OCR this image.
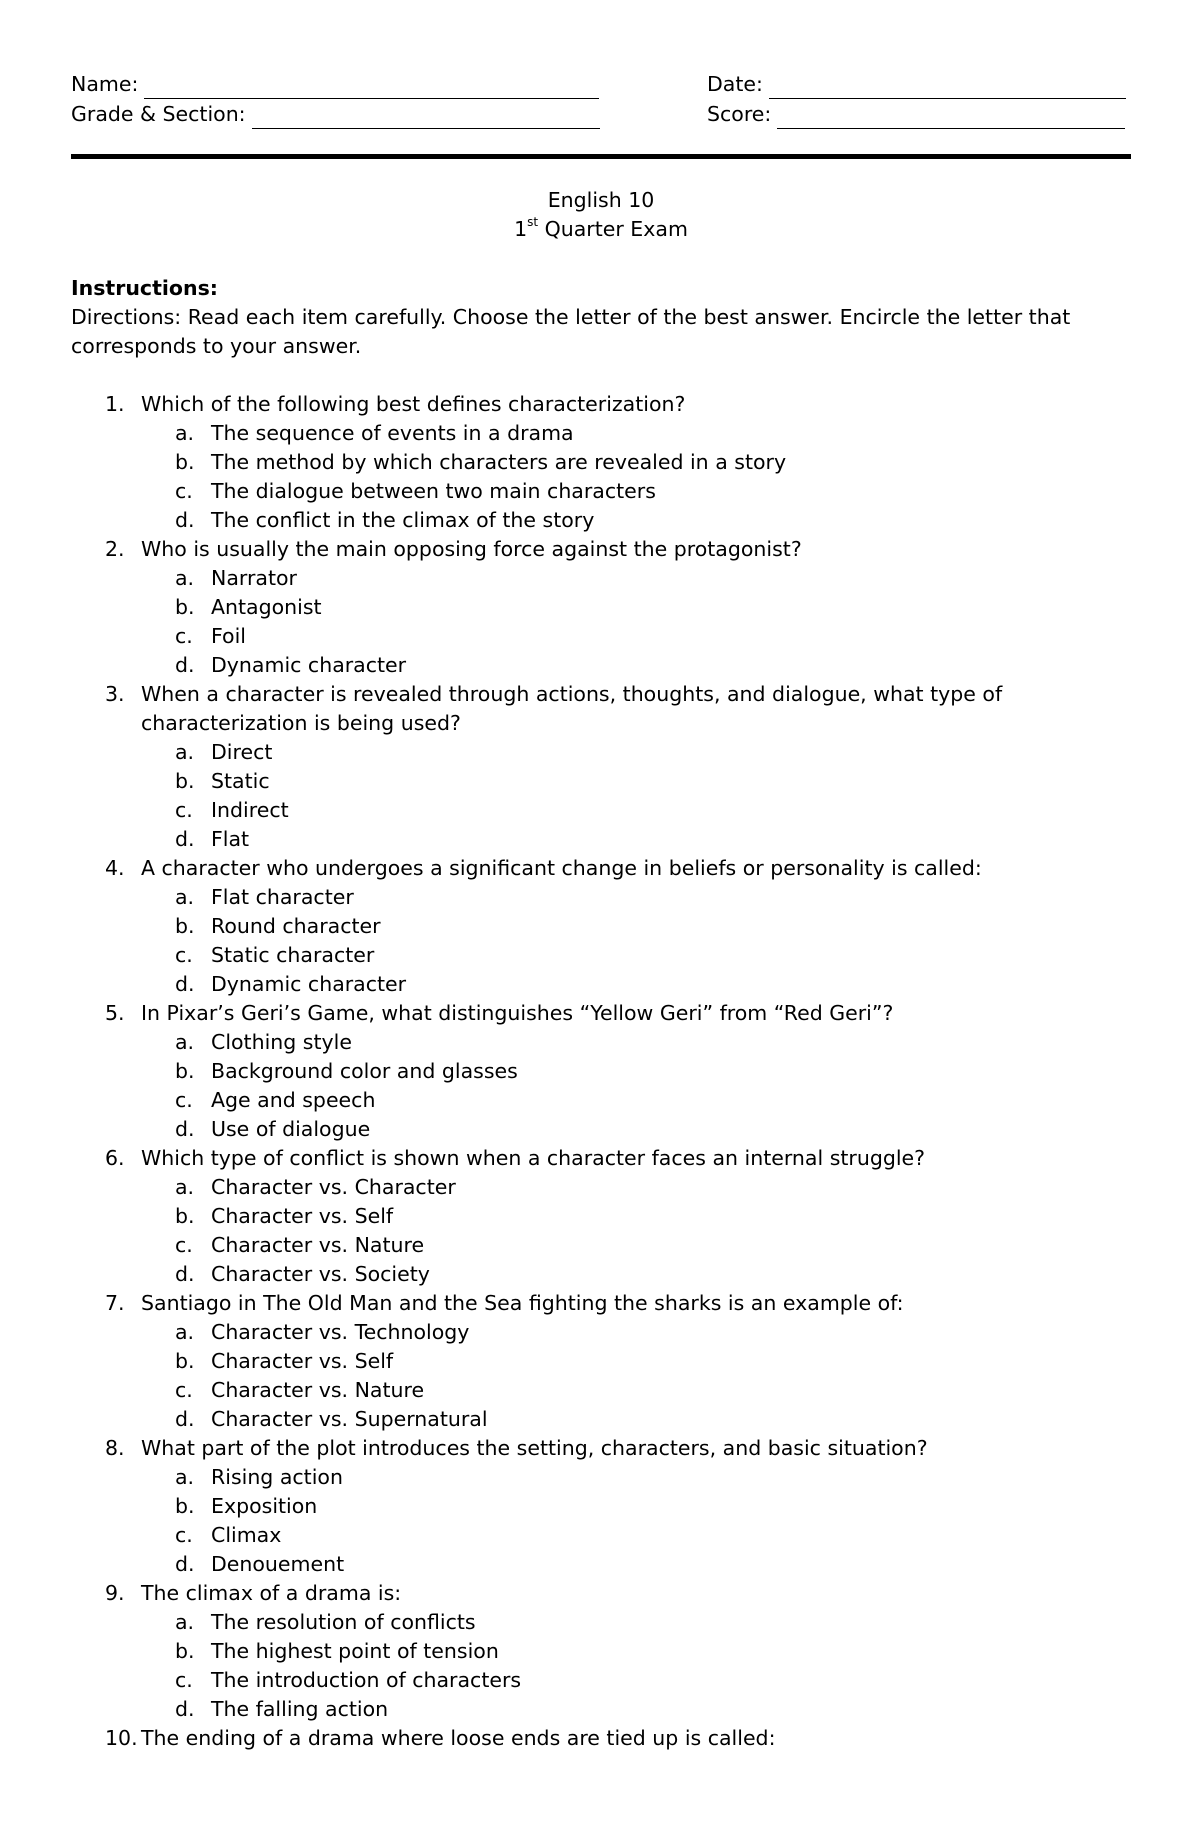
Name:	Date:
Grade & Section:	Score:
English 10
1st Quarter Exam
Instructions:
Directions: Read each item carefully. Choose the letter of the best answer. Encircle the letter that corresponds to your answer.
1. Which of the following best defines characterization?
a. The sequence of events in a drama
b. The method by which characters are revealed in a story
c. The dialogue between two main characters
d. The conflict in the climax of the story
2. Who is usually the main opposing force against the protagonist?
a. Narrator
b. Antagonist
c. Foil
d. Dynamic character
3. When a character is revealed through actions, thoughts, and dialogue, what type of characterization is being used?
a. Direct
b. Static
c. Indirect
d. Flat
4. A character who undergoes a significant change in beliefs or personality is called:
a. Flat character
b. Round character
c. Static character
d. Dynamic character
5. In Pixar’s Geri’s Game, what distinguishes “Yellow Geri” from “Red Geri”?
a. Clothing style
b. Background color and glasses
c. Age and speech
d. Use of dialogue
6. Which type of conflict is shown when a character faces an internal struggle?
a. Character vs. Character
b. Character vs. Self
c. Character vs. Nature
d. Character vs. Society
7. Santiago in The Old Man and the Sea fighting the sharks is an example of:
a. Character vs. Technology
b. Character vs. Self
c. Character vs. Nature
d. Character vs. Supernatural
8. What part of the plot introduces the setting, characters, and basic situation?
a. Rising action
b. Exposition
c. Climax
d. Denouement
9. The climax of a drama is:
a. The resolution of conflicts
b. The highest point of tension
c. The introduction of characters
d. The falling action
10. The ending of a drama where loose ends are tied up is called:
